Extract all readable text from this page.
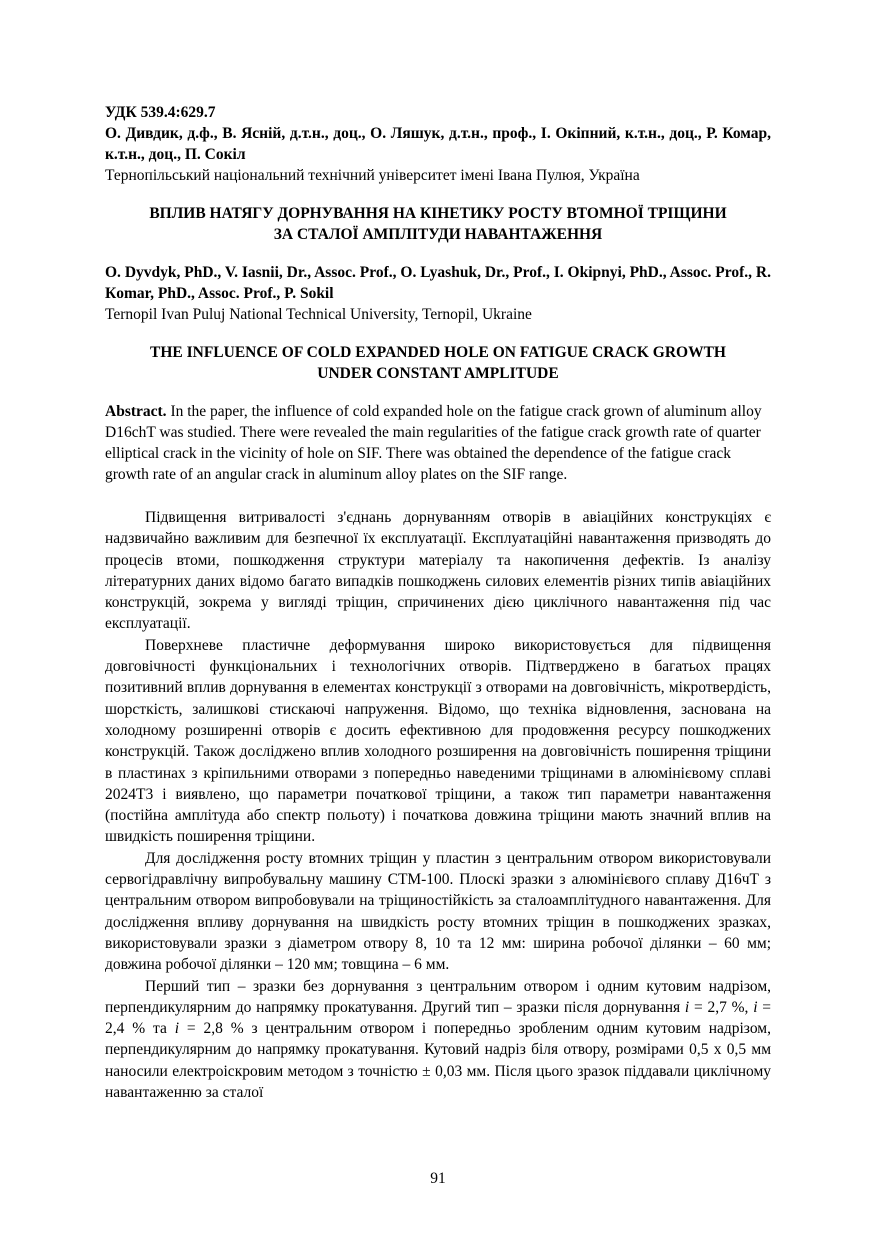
УДК 539.4:629.7
О. Дивдик, д.ф., В. Ясній, д.т.н., доц., О. Ляшук, д.т.н., проф., І. Окіпний, к.т.н., доц., Р. Комар, к.т.н., доц., П. Сокіл
Тернопільський національний технічний університет імені Івана Пулюя, Україна
ВПЛИВ НАТЯГУ ДОРНУВАННЯ НА КІНЕТИКУ РОСТУ ВТОМНОЇ ТРІЩИНИ
ЗА СТАЛОЇ АМПЛІТУДИ НАВАНТАЖЕННЯ
O. Dyvdyk, PhD., V. Iasnii, Dr., Assoc. Prof., O. Lyashuk, Dr., Prof., I. Okipnyi, PhD., Assoc. Prof., R. Кomar, PhD., Assoc. Prof., P. Sokil
Ternopil Ivan Puluj National Technical University, Ternopil, Ukraine
THE INFLUENCE OF COLD EXPANDED HOLE ON FATIGUE CRACK GROWTH
UNDER CONSTANT AMPLITUDE
Abstract. In the paper, the influence of cold expanded hole on the fatigue crack grown of aluminum alloy D16chT was studied. There were revealed the main regularities of the fatigue crack growth rate of quarter elliptical crack in the vicinity of hole on SIF. There was obtained the dependence of the fatigue crack growth rate of an angular crack in aluminum alloy plates on the SIF range.

Підвищення витривалості з'єднань дорнуванням отворів в авіаційних конструкціях є надзвичайно важливим для безпечної їх експлуатації. Експлуатаційні навантаження призводять до процесів втоми, пошкодження структури матеріалу та накопичення дефектів. Із аналізу літературних даних відомо багато випадків пошкоджень силових елементів різних типів авіаційних конструкцій, зокрема у вигляді тріщин, спричинених дією циклічного навантаження під час експлуатації.

Поверхневе пластичне деформування широко використовується для підвищення довговічності функціональних і технологічних отворів. Підтверджено в багатьох працях позитивний вплив дорнування в елементах конструкції з отворами на довговічність, мікротвердість, шорсткість, залишкові стискаючі напруження. Відомо, що техніка відновлення, заснована на холодному розширенні отворів є досить ефективною для продовження ресурсу пошкоджених конструкцій. Також досліджено вплив холодного розширення на довговічність поширення тріщини в пластинах з кріпильними отворами з попередньо наведеними тріщинами в алюмінієвому сплаві 2024Т3 і виявлено, що параметри початкової тріщини, а також тип параметри навантаження (постійна амплітуда або спектр польоту) і початкова довжина тріщини мають значний вплив на швидкість поширення тріщини.

Для дослідження росту втомних тріщин у пластин з центральним отвором використовували сервогідравлічну випробувальну машину СТМ-100. Плоскі зразки з алюмінієвого сплаву Д16чТ з центральним отвором випробовували на тріщиностійкість за сталоамплітудного навантаження. Для дослідження впливу дорнування на швидкість росту втомних тріщин в пошкоджених зразках, використовували зразки з діаметром отвору 8, 10 та 12 мм: ширина робочої ділянки – 60 мм; довжина робочої ділянки – 120 мм; товщина – 6 мм.

Перший тип – зразки без дорнування з центральним отвором і одним кутовим надрізом, перпендикулярним до напрямку прокатування. Другий тип – зразки після дорнування i = 2,7 %, i = 2,4 % та i = 2,8 % з центральним отвором і попередньо зробленим одним кутовим надрізом, перпендикулярним до напрямку прокатування. Кутовий надріз біля отвору, розмірами 0,5 х 0,5 мм наносили електроіскровим методом з точністю ± 0,03 мм. Після цього зразок піддавали циклічному навантаженню за сталої

91
